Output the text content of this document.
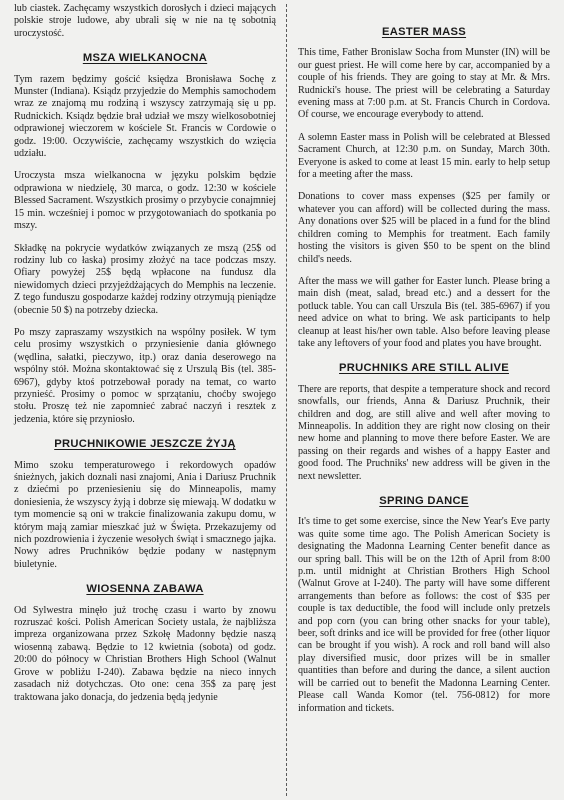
lub ciastek. Zachęcamy wszystkich dorosłych i dzieci mających polskie stroje ludowe, aby ubrali się w nie na tę sobotnią uroczystość.

MSZA WIELKANOCNA

Tym razem będzimy gościć księdza Bronisława Sochę z Munster (Indiana). Ksiądz przyjedzie do Memphis samochodem wraz ze znajomą mu rodziną i wszyscy zatrzymają się u pp. Rudnickich. Ksiądz będzie brał udział we mszy wielkosobotniej odprawionej wieczorem w kościele St. Francis w Cordowie o godz. 19:00. Oczywiście, zachęcamy wszystkich do wzięcia udziału.

Uroczysta msza wielkanocna w języku polskim będzie odprawiona w niedzielę, 30 marca, o godz. 12:30 w kościele Blessed Sacrament. Wszystkich prosimy o przybycie conajmniej 15 min. wcześniej i pomoc w przygotowaniach do spotkania po mszy.

Składkę na pokrycie wydatków związanych ze mszą (25$ od rodziny lub co łaska) prosimy złożyć na tace podczas mszy. Ofiary powyżej 25$ będą wpłacone na fundusz dla niewidomych dzieci przyjeżdżających do Memphis na leczenie. Z tego funduszu gospodarze każdej rodziny otrzymują pieniądze (obecnie 50 $) na potrzeby dziecka.

Po mszy zapraszamy wszystkich na wspólny posiłek. W tym celu prosimy wszystkich o przyniesienie dania głównego (wędlina, sałatki, pieczywo, itp.) oraz dania deserowego na wspólny stół. Można skontaktować się z Urszulą Bis (tel. 385-6967), gdyby ktoś potrzebował porady na temat, co warto przynieść. Prosimy o pomoc w sprzątaniu, choćby swojego stołu. Proszę też nie zapomnieć zabrać naczyń i resztek z jedzenia, które się przyniosło.

PRUCHNIKOWIE JESZCZE ŻYJĄ

Mimo szoku temperaturowego i rekordowych opadów śnieżnych, jakich doznali nasi znajomi, Ania i Dariusz Pruchnik z dziećmi po przeniesieniu się do Minneapolis, mamy doniesienia, że wszyscy żyją i dobrze się miewają. W dodatku w tym momencie są oni w trakcie finalizowania zakupu domu, w którym mają zamiar mieszkać już w Święta. Przekazujemy od nich pozdrowienia i życzenie wesołych świąt i smacznego jajka. Nowy adres Pruchników będzie podany w następnym biuletynie.

WIOSENNA ZABAWA

Od Sylwestra minęło już trochę czasu i warto by znowu rozruszać kości. Polish American Society ustala, że najbliższa impreza organizowana przez Szkołę Madonny będzie naszą wiosenną zabawą. Będzie to 12 kwietnia (sobota) od godz. 20:00 do północy w Christian Brothers High School (Walnut Grove w pobliżu I-240). Zabawa będzie na nieco innych zasadach niż dotychczas. Oto one: cena 35$ za parę jest traktowana jako donacja, do jedzenia będą jedynie

EASTER MASS

This time, Father Bronislaw Socha from Munster (IN) will be our guest priest. He will come here by car, accompanied by a couple of his friends. They are going to stay at Mr. & Mrs. Rudnicki's house. The priest will be celebrating a Saturday evening mass at 7:00 p.m. at St. Francis Church in Cordova. Of course, we encourage everybody to attend.

A solemn Easter mass in Polish will be celebrated at Blessed Sacrament Church, at 12:30 p.m. on Sunday, March 30th. Everyone is asked to come at least 15 min. early to help setup for a meeting after the mass.

Donations to cover mass expenses ($25 per family or whatever you can afford) will be collected during the mass. Any donations over $25 will be placed in a fund for the blind children coming to Memphis for treatment. Each family hosting the visitors is given $50 to be spent on the blind child's needs.

After the mass we will gather for Easter lunch. Please bring a main dish (meat, salad, bread etc.) and a dessert for the potluck table. You can call Urszula Bis (tel. 385-6967) if you need advice on what to bring. We ask participants to help cleanup at least his/her own table. Also before leaving please take any leftovers of your food and plates you have brought.

PRUCHNIKS ARE STILL ALIVE

There are reports, that despite a temperature shock and record snowfalls, our friends, Anna & Dariusz Pruchnik, their children and dog, are still alive and well after moving to Minneapolis. In addition they are right now closing on their new home and planning to move there before Easter. We are passing on their regards and wishes of a happy Easter and good food. The Pruchniks' new address will be given in the next newsletter.

SPRING DANCE

It's time to get some exercise, since the New Year's Eve party was quite some time ago. The Polish American Society is designating the Madonna Learning Center benefit dance as our spring ball. This will be on the 12th of April from 8:00 p.m. until midnight at Christian Brothers High School (Walnut Grove at I-240). The party will have some different arrangements than before as follows: the cost of $35 per couple is tax deductible, the food will include only pretzels and pop corn (you can bring other snacks for your table), beer, soft drinks and ice will be provided for free (other liquor can be brought if you wish). A rock and roll band will also play diversified music, door prizes will be in smaller quantities than before and during the dance, a silent auction will be carried out to benefit the Madonna Learning Center. Please call Wanda Komor (tel. 756-0812) for more information and tickets.
